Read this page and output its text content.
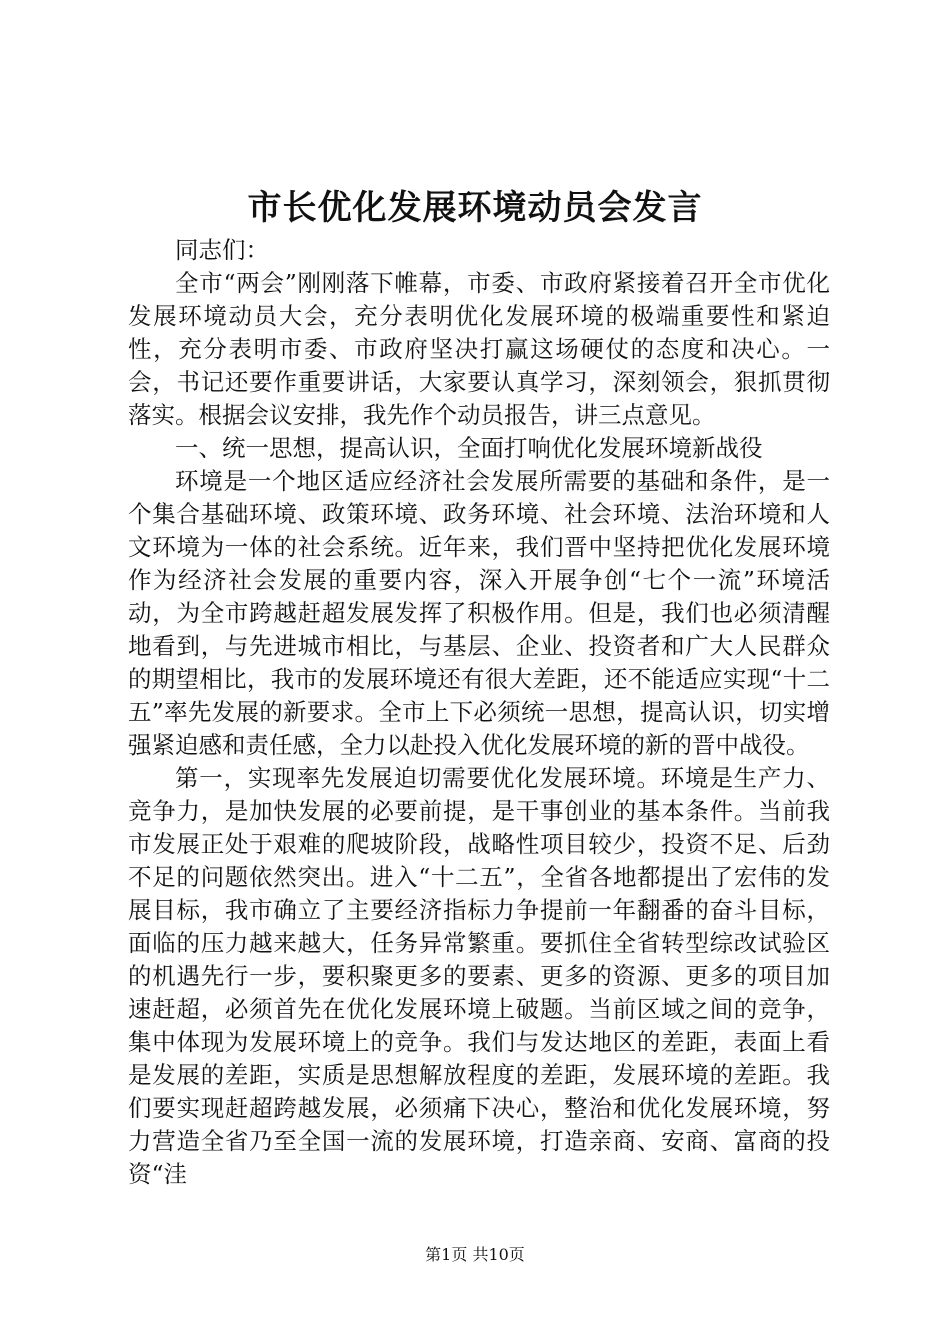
市长优化发展环境动员会发言

同志们：

全市“两会”刚刚落下帷幕，市委、市政府紧接着召开全市优化发展环境动员大会，充分表明优化发展环境的极端重要性和紧迫性，充分表明市委、市政府坚决打赢这场硬仗的态度和决心。一会，书记还要作重要讲话，大家要认真学习，深刻领会，狠抓贯彻落实。根据会议安排，我先作个动员报告，讲三点意见。

一、统一思想，提高认识，全面打响优化发展环境新战役

环境是一个地区适应经济社会发展所需要的基础和条件，是一个集合基础环境、政策环境、政务环境、社会环境、法治环境和人文环境为一体的社会系统。近年来，我们晋中坚持把优化发展环境作为经济社会发展的重要内容，深入开展争创“七个一流”环境活动，为全市跨越赶超发展发挥了积极作用。但是，我们也必须清醒地看到，与先进城市相比，与基层、企业、投资者和广大人民群众的期望相比，我市的发展环境还有很大差距，还不能适应实现“十二五”率先发展的新要求。全市上下必须统一思想，提高认识，切实增强紧迫感和责任感，全力以赴投入优化发展环境的新的晋中战役。

第一，实现率先发展迫切需要优化发展环境。环境是生产力、竞争力，是加快发展的必要前提，是干事创业的基本条件。当前我市发展正处于艰难的爬坡阶段，战略性项目较少，投资不足、后劲不足的问题依然突出。进入“十二五”，全省各地都提出了宏伟的发展目标，我市确立了主要经济指标力争提前一年翻番的奋斗目标，面临的压力越来越大，任务异常繁重。要抓住全省转型综改试验区的机遇先行一步，要积聚更多的要素、更多的资源、更多的项目加速赶超，必须首先在优化发展环境上破题。当前区域之间的竞争，集中体现为发展环境上的竞争。我们与发达地区的差距，表面上看是发展的差距，实质是思想解放程度的差距，发展环境的差距。我们要实现赶超跨越发展，必须痛下决心，整治和优化发展环境，努力营造全省乃至全国一流的发展环境，打造亲商、安商、富商的投资“洼

第1页 共10页
